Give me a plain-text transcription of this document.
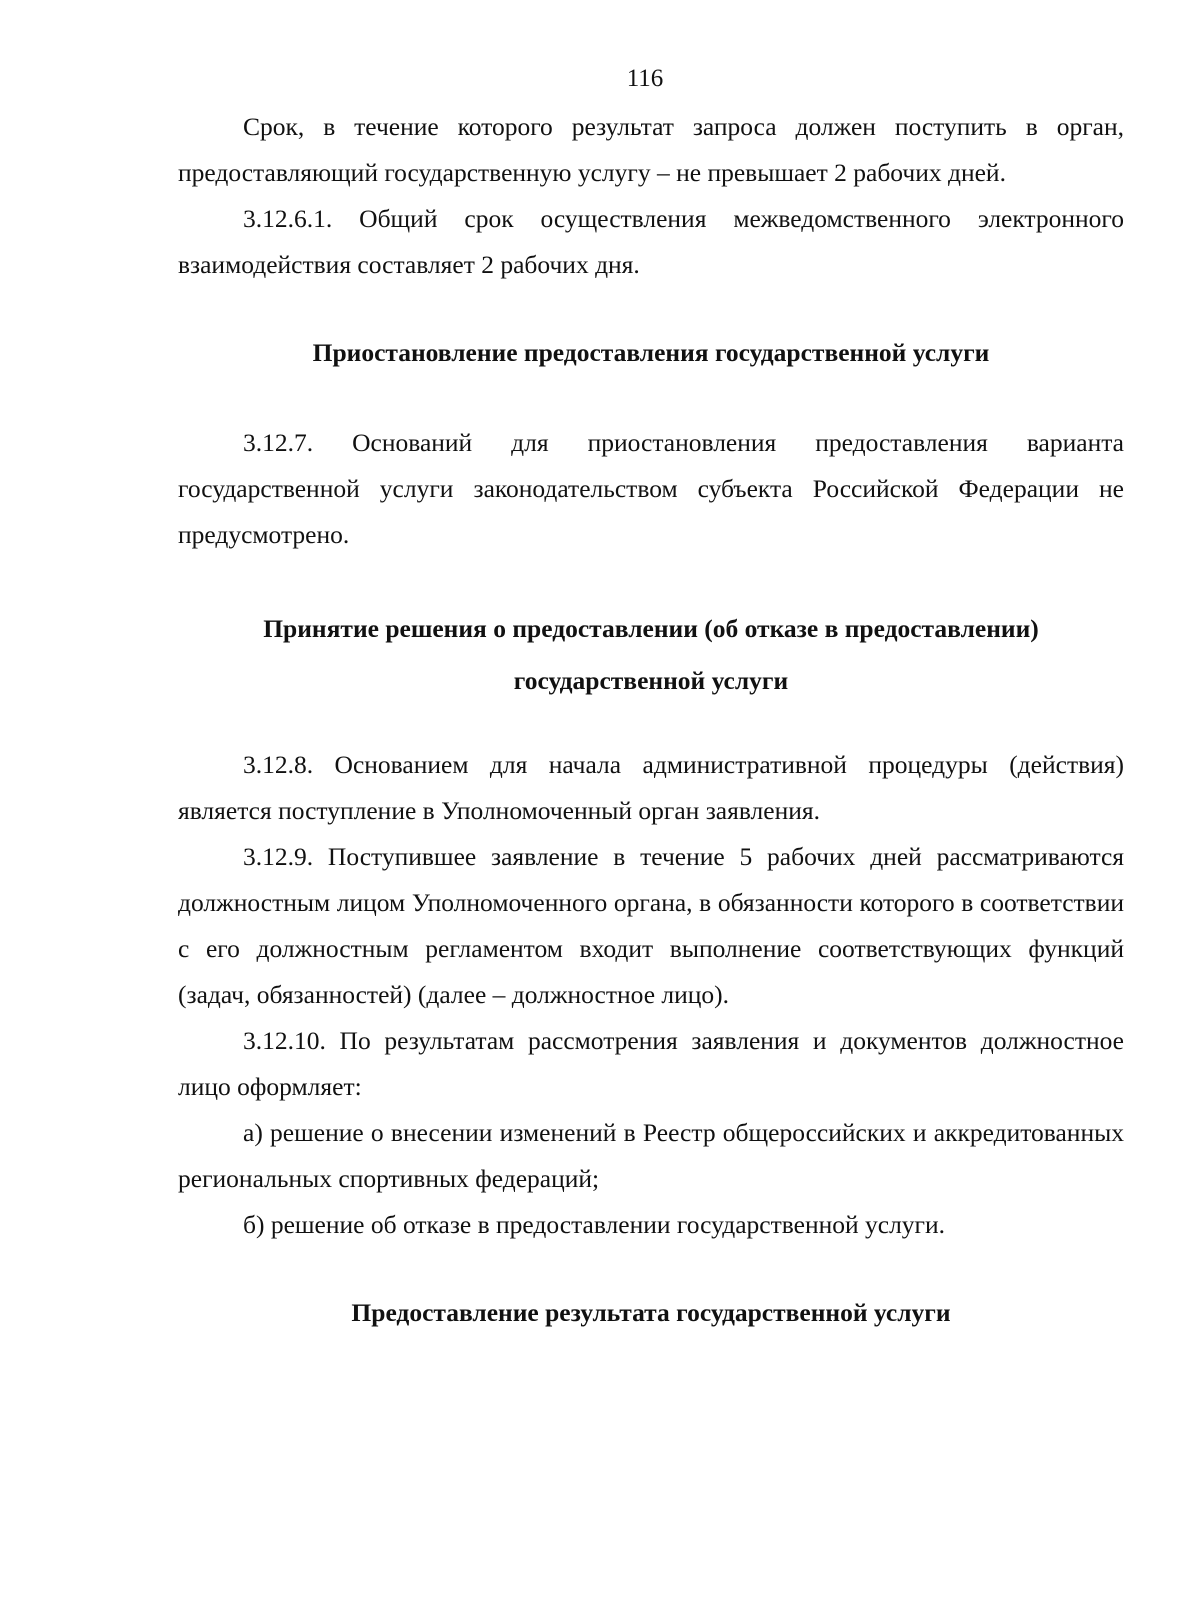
116

Срок, в течение которого результат запроса должен поступить в орган, предоставляющий государственную услугу – не превышает 2 рабочих дней.

3.12.6.1. Общий срок осуществления межведомственного электронного взаимодействия составляет 2 рабочих дня.

Приостановление предоставления государственной услуги

3.12.7. Оснований для приостановления предоставления варианта государственной услуги законодательством субъекта Российской Федерации не предусмотрено.

Принятие решения о предоставлении (об отказе в предоставлении) государственной услуги

3.12.8. Основанием для начала административной процедуры (действия) является поступление в Уполномоченный орган заявления.

3.12.9. Поступившее заявление в течение 5 рабочих дней рассматриваются должностным лицом Уполномоченного органа, в обязанности которого в соответствии с его должностным регламентом входит выполнение соответствующих функций (задач, обязанностей) (далее – должностное лицо).

3.12.10. По результатам рассмотрения заявления и документов должностное лицо оформляет:

а) решение о внесении изменений в Реестр общероссийских и аккредитованных региональных спортивных федераций;

б) решение об отказе в предоставлении государственной услуги.

Предоставление результата государственной услуги
